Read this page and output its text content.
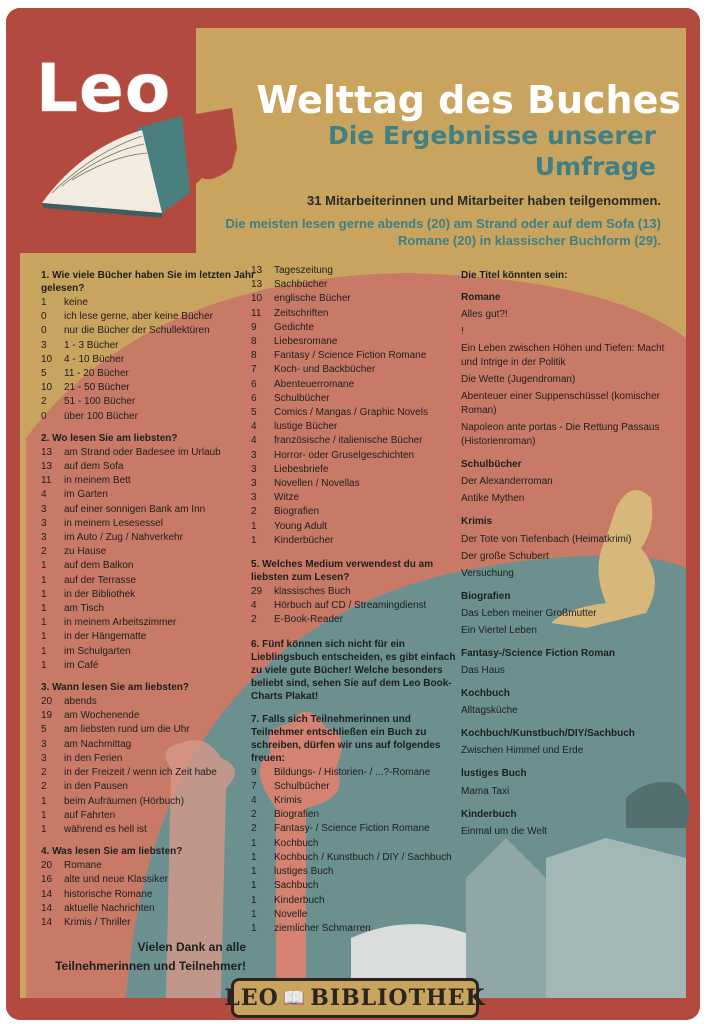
Leo	Welttag des Buches
Die Ergebnisse unserer Umfrage
31 Mitarbeiterinnen und Mitarbeiter haben teilgenommen.
Die meisten lesen gerne abends (20) am Strand oder auf dem Sofa (13) Romane (20) in klassischer Buchform (29).
1. Wie viele Bücher haben Sie im letzten Jahr gelesen?
1	keine
0	ich lese gerne, aber keine Bücher
0	nur die Bücher der Schullektüren
3	1 - 3 Bücher
10	4 - 10 Bücher
5	11 - 20 Bücher
10	21 - 50 Bücher
2	51 - 100 Bücher
0	über 100 Bücher
2. Wo lesen Sie am liebsten?
13	am Strand oder Badesee im Urlaub
13	auf dem Sofa
11	in meinem Bett
4	im Garten
3	auf einer sonnigen Bank am Inn
3	in meinem Lesesessel
3	im Auto / Zug / Nahverkehr
2	zu Hause
1	auf dem Balkon
1	auf der Terrasse
1	in der Bibliothek
1	am Tisch
1	in meinem Arbeitszimmer
1	in der Hängematte
1	im Schulgarten
1	im Café
3. Wann lesen Sie am liebsten?
20	abends
19	am Wochenende
5	am liebsten rund um die Uhr
3	am Nachmittag
3	in den Ferien
2	in der Freizeit / wenn ich Zeit habe
2	in den Pausen
1	beim Aufräumen (Hörbuch)
1	auf Fahrten
1	während es hell ist
4. Was lesen Sie am liebsten?
20	Romane
16	alte und neue Klassiker
14	historische Romane
14	aktuelle Nachrichten
14	Krimis / Thriller
13	Tageszeitung
13	Sachbücher
10	englische Bücher
11	Zeitschriften
9	Gedichte
8	Liebesromane
8	Fantasy / Science Fiction Romane
7	Koch- und Backbücher
6	Abenteuerromane
6	Schulbücher
5	Comics / Mangas / Graphic Novels
4	lustige Bücher
4	französische / italienische Bücher
3	Horror- oder Gruselgeschichten
3	Liebesbriefe
3	Novellen / Novellas
3	Witze
2	Biografien
1	Young Adult
1	Kinderbücher
5. Welches Medium verwendest du am liebsten zum Lesen?
29	klassisches Buch
4	Hörbuch auf CD / Streamingdienst
2	E-Book-Reader
6. Fünf können sich nicht für ein Lieblingsbuch entscheiden, es gibt einfach zu viele gute Bücher! Welche besonders beliebt sind, sehen Sie auf dem Leo Book-Charts Plakat!
7. Falls sich Teilnehmerinnen und Teilnehmer entschließen ein Buch zu schreiben, dürfen wir uns auf folgendes freuen:
9	Bildungs- / Historien- / ...?-Romane
7	Schulbücher
4	Krimis
2	Biografien
2	Fantasy- / Science Fiction Romane
1	Kochbuch
1	Kochbuch / Kunstbuch / DIY / Sachbuch
1	lustiges Buch
1	Sachbuch
1	Kinderbuch
1	Novelle
1	ziemlicher Schmarren
Die Titel könnten sein:
Romane
Alles gut?!
!
Ein Leben zwischen Höhen und Tiefen: Macht und Intrige in der Politik
Die Wette (Jugendroman)
Abenteuer einer Suppenschüssel (komischer Roman)
Napoleon ante portas - Die Rettung Passaus (Historienroman)
Schulbücher
Der Alexanderroman
Antike Mythen
Krimis
Der Tote von Tiefenbach (Heimatkrimi)
Der große Schubert
Versuchung
Biografien
Das Leben meiner Großmutter
Ein Viertel Leben
Fantasy-/Science Fiction Roman
Das Haus
Kochbuch
Alltagsküche
Kochbuch/Kunstbuch/DIY/Sachbuch
Zwischen Himmel und Erde
lustiges Buch
Mama Taxi
Kinderbuch
Einmal um die Welt
Vielen Dank an alle Teilnehmerinnen und Teilnehmer!
LEO 📖 BIBLIOTHEK
